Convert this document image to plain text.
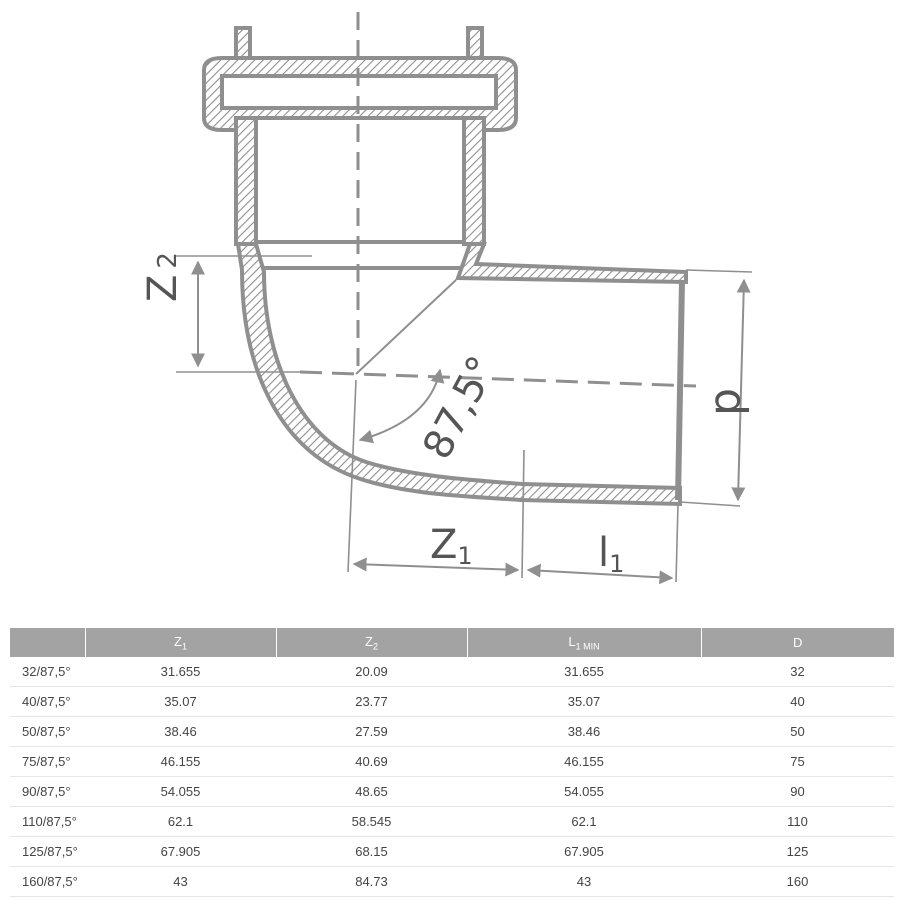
Z2
87,5°
Z1	l1
d
	$Z_1$	$Z_2$	$L_{1 MIN}$	D
32/87,5°	31.655	20.09	31.655	32
40/87,5°	35.07	23.77	35.07	40
50/87,5°	38.46	27.59	38.46	50
75/87,5°	46.155	40.69	46.155	75
90/87,5°	54.055	48.65	54.055	90
110/87,5°	62.1	58.545	62.1	110
125/87,5°	67.905	68.15	67.905	125
160/87,5°	43	84.73	43	160
